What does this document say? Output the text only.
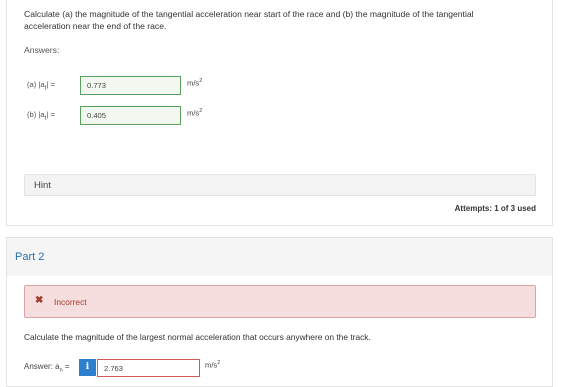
Calculate (a) the magnitude of the tangential acceleration near start of the race and (b) the magnitude of the tangential acceleration near the end of the race.
Answers:
(a) $|a_t|$ =
0.773	$m/s^2$
(b) $|a_t|$ =
0.405	$m/s^2$
Hint
Attempts: 1 of 3 used
Part 2
✖ Incorrect
Calculate the magnitude of the largest normal acceleration that occurs anywhere on the track.
Answer: $a_n$ =	i
2.763	$m/s^2$
